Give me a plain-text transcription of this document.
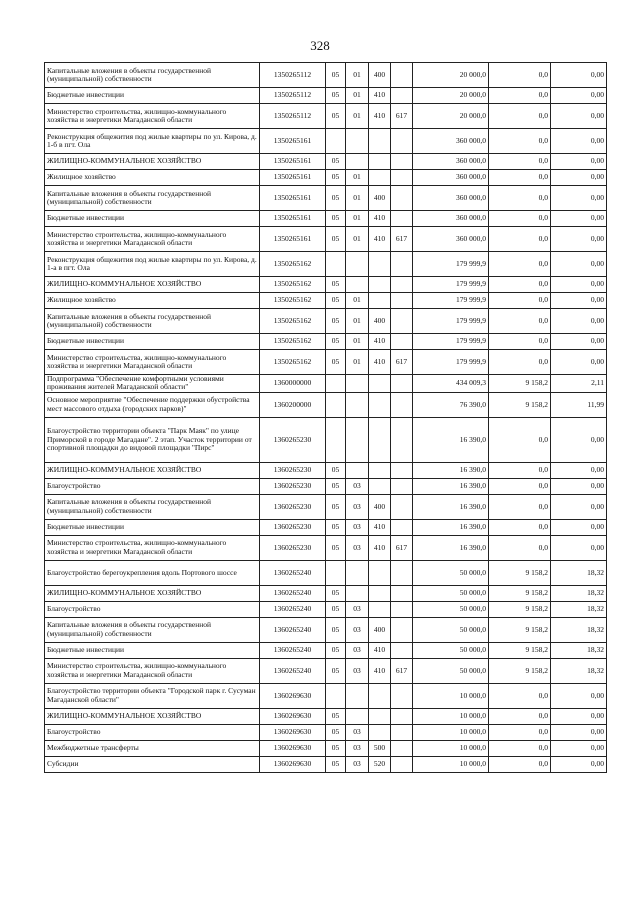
328
Капитальные вложения в объекты государственной (муниципальной) собственности	1350265112	05	01	400		20 000,0	0,0	0,00
Бюджетные инвестиции	1350265112	05	01	410		20 000,0	0,0	0,00
Министерство строительства, жилищно-коммунального хозяйства и энергетики Магаданской области	1350265112	05	01	410	617	20 000,0	0,0	0,00
Реконструкция общежития под жилые квартиры по ул. Кирова, д. 1-б в пгт. Ола	1350265161					360 000,0	0,0	0,00
ЖИЛИЩНО-КОММУНАЛЬНОЕ ХОЗЯЙСТВО	1350265161	05				360 000,0	0,0	0,00
Жилищное хозяйство	1350265161	05	01			360 000,0	0,0	0,00
Капитальные вложения в объекты государственной (муниципальной) собственности	1350265161	05	01	400		360 000,0	0,0	0,00
Бюджетные инвестиции	1350265161	05	01	410		360 000,0	0,0	0,00
Министерство строительства, жилищно-коммунального хозяйства и энергетики Магаданской области	1350265161	05	01	410	617	360 000,0	0,0	0,00
Реконструкция общежития под жилые квартиры по ул. Кирова, д. 1-а в пгт. Ола	1350265162					179 999,9	0,0	0,00
ЖИЛИЩНО-КОММУНАЛЬНОЕ ХОЗЯЙСТВО	1350265162	05				179 999,9	0,0	0,00
Жилищное хозяйство	1350265162	05	01			179 999,9	0,0	0,00
Капитальные вложения в объекты государственной (муниципальной) собственности	1350265162	05	01	400		179 999,9	0,0	0,00
Бюджетные инвестиции	1350265162	05	01	410		179 999,9	0,0	0,00
Министерство строительства, жилищно-коммунального хозяйства и энергетики Магаданской области	1350265162	05	01	410	617	179 999,9	0,0	0,00
Подпрограмма "Обеспечение комфортными условиями проживания жителей Магаданской области"	1360000000					434 009,3	9 158,2	2,11
Основное мероприятие "Обеспечение поддержки обустройства мест массового отдыха (городских парков)"	1360200000					76 390,0	9 158,2	11,99
Благоустройство территории объекта "Парк Маяк" по улице Приморской в городе Магадане". 2 этап. Участок территории от спортивной площадки до видовой площадки "Пирс"	1360265230					16 390,0	0,0	0,00
ЖИЛИЩНО-КОММУНАЛЬНОЕ ХОЗЯЙСТВО	1360265230	05				16 390,0	0,0	0,00
Благоустройство	1360265230	05	03			16 390,0	0,0	0,00
Капитальные вложения в объекты государственной (муниципальной) собственности	1360265230	05	03	400		16 390,0	0,0	0,00
Бюджетные инвестиции	1360265230	05	03	410		16 390,0	0,0	0,00
Министерство строительства, жилищно-коммунального хозяйства и энергетики Магаданской области	1360265230	05	03	410	617	16 390,0	0,0	0,00
Благоустройство берегоукрепления вдоль Портового шоссе	1360265240					50 000,0	9 158,2	18,32
ЖИЛИЩНО-КОММУНАЛЬНОЕ ХОЗЯЙСТВО	1360265240	05				50 000,0	9 158,2	18,32
Благоустройство	1360265240	05	03			50 000,0	9 158,2	18,32
Капитальные вложения в объекты государственной (муниципальной) собственности	1360265240	05	03	400		50 000,0	9 158,2	18,32
Бюджетные инвестиции	1360265240	05	03	410		50 000,0	9 158,2	18,32
Министерство строительства, жилищно-коммунального хозяйства и энергетики Магаданской области	1360265240	05	03	410	617	50 000,0	9 158,2	18,32
Благоустройство территории объекта "Городской парк г. Сусуман Магаданской области"	1360269630					10 000,0	0,0	0,00
ЖИЛИЩНО-КОММУНАЛЬНОЕ ХОЗЯЙСТВО	1360269630	05				10 000,0	0,0	0,00
Благоустройство	1360269630	05	03			10 000,0	0,0	0,00
Межбюджетные трансферты	1360269630	05	03	500		10 000,0	0,0	0,00
Субсидии	1360269630	05	03	520		10 000,0	0,0	0,00
